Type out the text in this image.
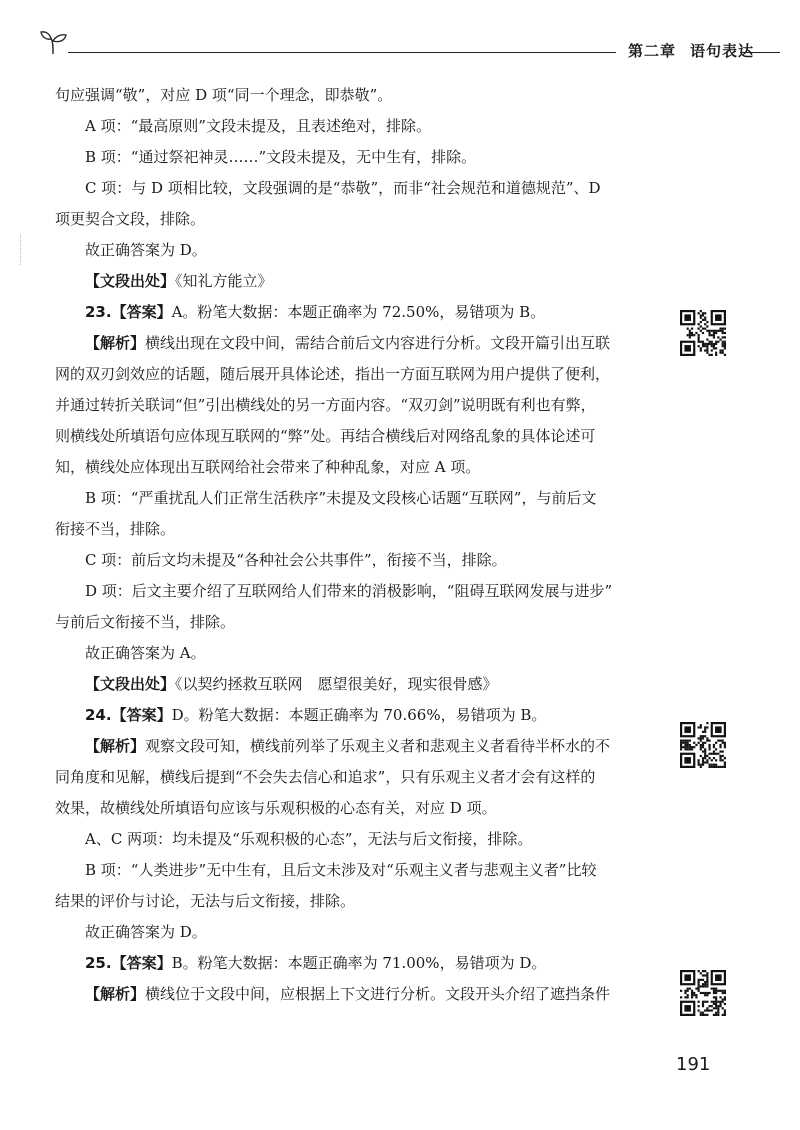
第二章 语句表达

句应强调“敬”，对应 D 项“同一个理念，即恭敬”。

A 项：“最高原则”文段未提及，且表述绝对，排除。

B 项：“通过祭祀神灵……”文段未提及，无中生有，排除。

C 项：与 D 项相比较，文段强调的是“恭敬”，而非“社会规范和道德规范”、D

项更契合文段，排除。

故正确答案为 D。

【文段出处】《知礼方能立》

23.【答案】A。粉笔大数据：本题正确率为 72.50%，易错项为 B。

【解析】横线出现在文段中间，需结合前后文内容进行分析。文段开篇引出互联

网的双刃剑效应的话题，随后展开具体论述，指出一方面互联网为用户提供了便利，

并通过转折关联词“但”引出横线处的另一方面内容。“双刃剑”说明既有利也有弊，

则横线处所填语句应体现互联网的“弊”处。再结合横线后对网络乱象的具体论述可

知，横线处应体现出互联网给社会带来了种种乱象，对应 A 项。

B 项：“严重扰乱人们正常生活秩序”未提及文段核心话题“互联网”，与前后文

衔接不当，排除。

C 项：前后文均未提及“各种社会公共事件”，衔接不当，排除。

D 项：后文主要介绍了互联网给人们带来的消极影响，“阻碍互联网发展与进步”

与前后文衔接不当，排除。

故正确答案为 A。

【文段出处】《以契约拯救互联网　愿望很美好，现实很骨感》

24.【答案】D。粉笔大数据：本题正确率为 70.66%，易错项为 B。

【解析】观察文段可知，横线前列举了乐观主义者和悲观主义者看待半杯水的不

同角度和见解，横线后提到“不会失去信心和追求”，只有乐观主义者才会有这样的

效果，故横线处所填语句应该与乐观积极的心态有关，对应 D 项。

A、C 两项：均未提及“乐观积极的心态”，无法与后文衔接，排除。

B 项：“人类进步”无中生有，且后文未涉及对“乐观主义者与悲观主义者”比较

结果的评价与讨论，无法与后文衔接，排除。

故正确答案为 D。

25.【答案】B。粉笔大数据：本题正确率为 71.00%，易错项为 D。

【解析】横线位于文段中间，应根据上下文进行分析。文段开头介绍了遮挡条件

191
